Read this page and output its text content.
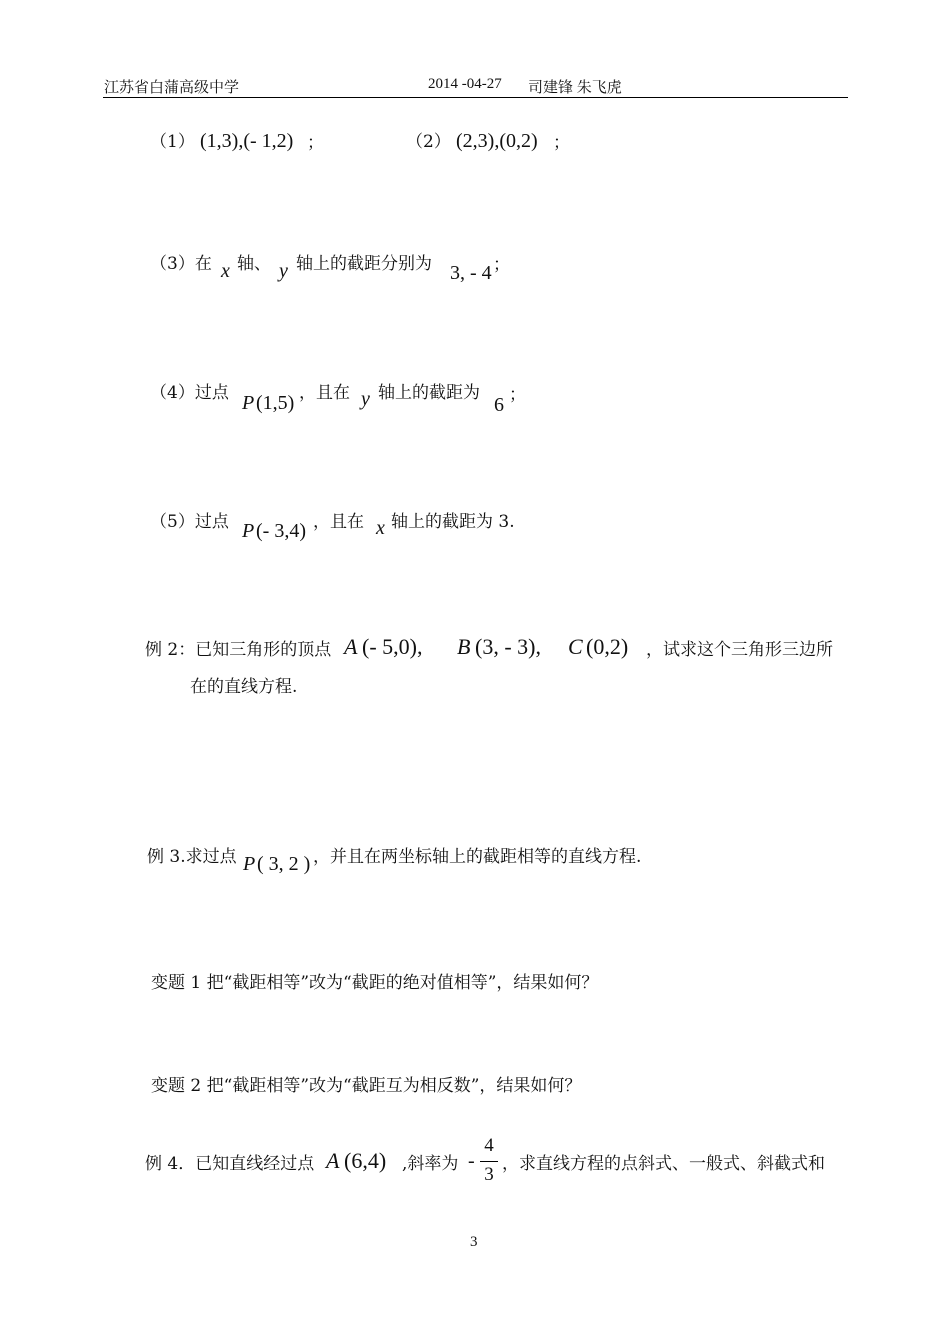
江苏省白蒲高级中学	2014 -04-27 司建锋 朱飞虎
（1） (1,3),(- 1,2) ；	（2） (2,3),(0,2) ；
（3）在 x 轴、 y 轴上的截距分别为 3, - 4 ；
（4）过点 P (1,5) ，且在 y 轴上的截距为
6 ；
（5）过点 P (- 3,4) ，且在 x 轴上的截距为 3.
例 2：已知三角形的顶点 A (- 5,0), B (3, - 3), C (0,2) ，试求这个三角形三边所
在的直线方程.
例 3.求过点 P ( 3, 2 ) ，并且在两坐标轴上的截距相等的直线方程.
变题 1 把“截距相等”改为“截距的绝对值相等”，结果如何？
变题 2 把“截距相等”改为“截距互为相反数”，结果如何？
例 4．已知直线经过点 A (6,4) ,斜率为 -
4
3 ，求直线方程的点斜式、一般式、斜截式和
3
